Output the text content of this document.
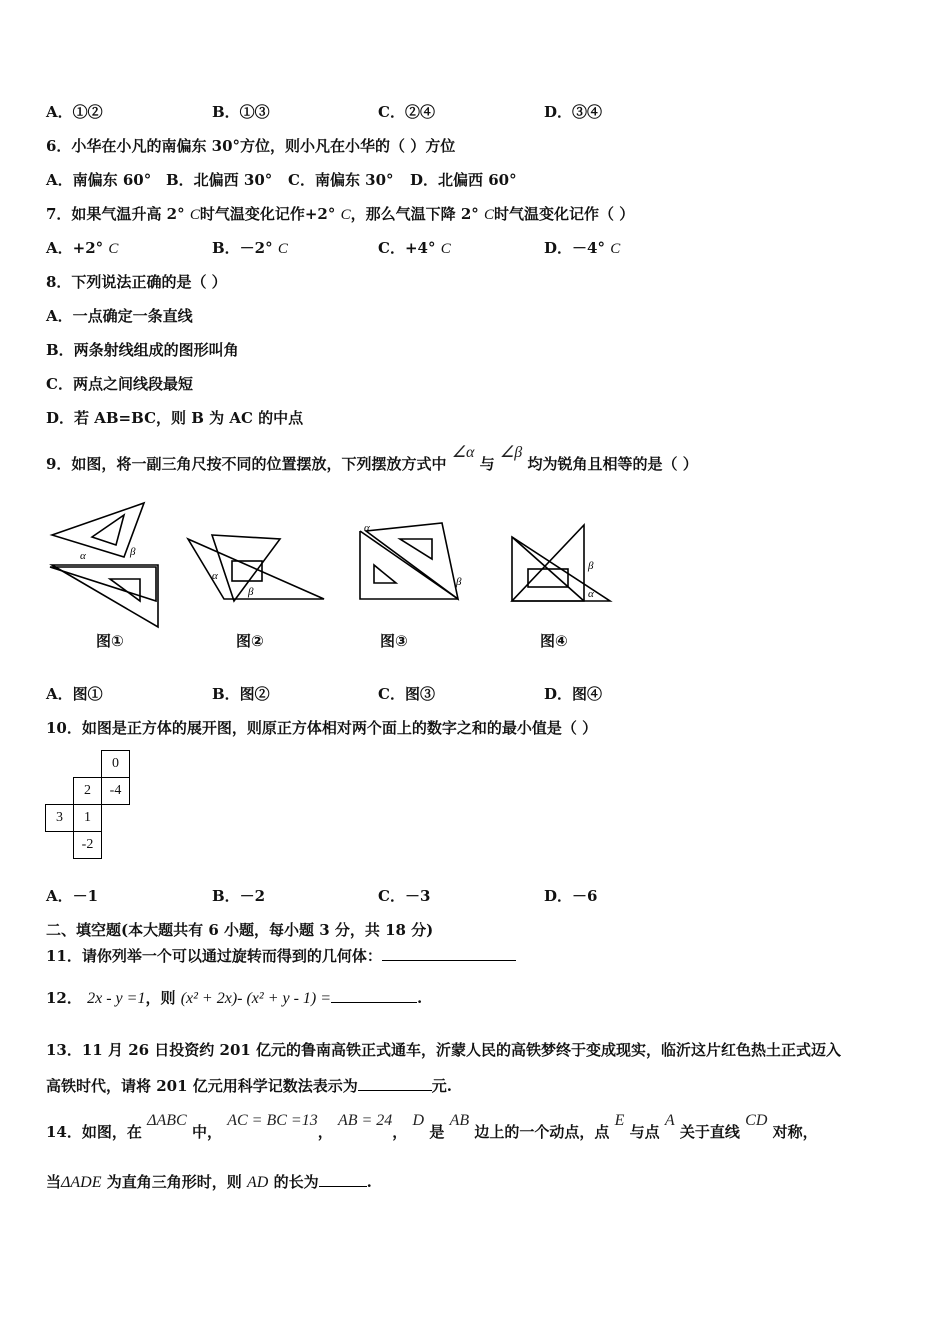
A．①②	B．①③	C．②④	D．③④
6．小华在小凡的南偏东 30°方位，则小凡在小华的（ ）方位
A．南偏东 60° B．北偏西 30° C．南偏东 30° D．北偏西 60°
7．如果气温升高 2° C时气温变化记作+2° C，那么气温下降 2° C时气温变化记作（ ）
A．+2° C	B．－2° C	C．+4° C	D．－4° C
8．下列说法正确的是（ ）
A．一点确定一条直线
B．两条射线组成的图形叫角
C．两点之间线段最短
D．若 AB=BC，则 B 为 AC 的中点
9．如图，将一副三角尺按不同的位置摆放，下列摆放方式中 ∠α 与 ∠β 均为锐角且相等的是（ ）
α	β
α
β
α
β
α
β
图①	图②	图③	图④
A．图①	B．图②	C．图③	D．图④
10．如图是正方体的展开图，则原正方体相对两个面上的数字之和的最小值是（ ）
		0
	2	-4
3	1	
	-2	
A．－1	B．－2	C．－3	D．－6
二、填空题(本大题共有 6 小题，每小题 3 分，共 18 分)
11．请你列举一个可以通过旋转而得到的几何体：
12． 2x - y =1，则 (x² + 2x)- (x² + y - 1) =	.
13．11 月 26 日投资约 201 亿元的鲁南高铁正式通车，沂蒙人民的高铁梦终于变成现实，临沂这片红色热土正式迈入
高铁时代，请将 201 亿元用科学记数法表示为	元.
14．如图，在 ΔABC 中， AC = BC =13， AB = 24， D 是 AB 边上的一个动点，点 E 与点 A 关于直线 CD 对称，
当ΔADE 为直角三角形时，则 AD 的长为	.
